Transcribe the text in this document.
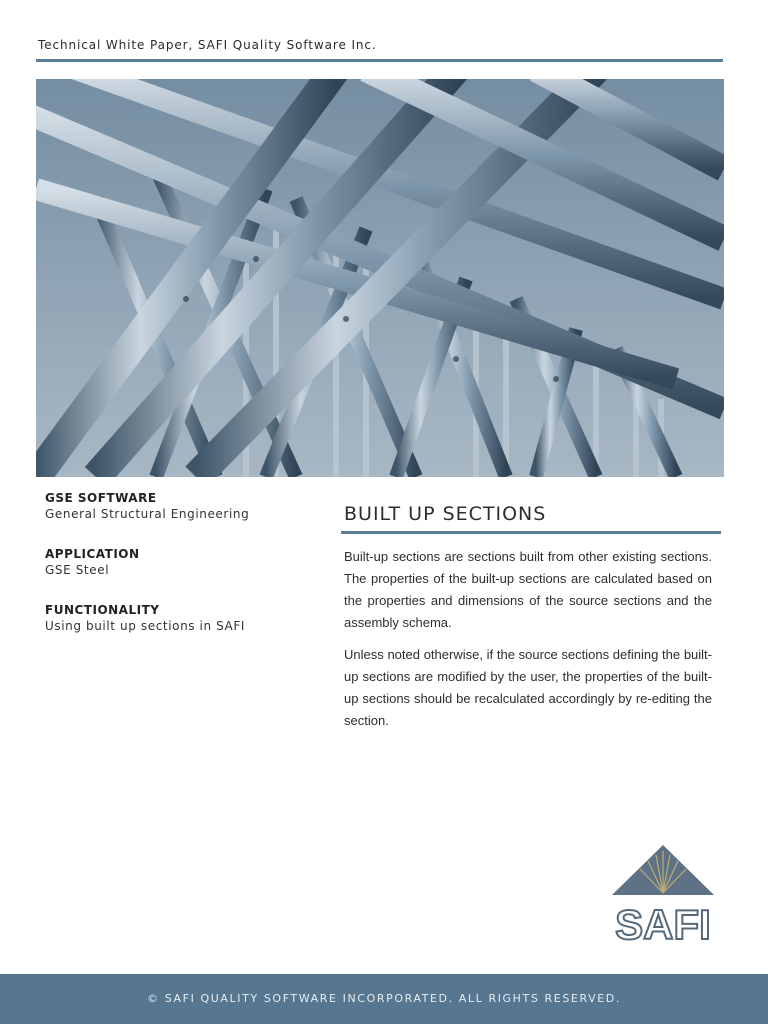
Technical White Paper, SAFI Quality Software Inc.
GSE SOFTWARE
General Structural Engineering
APPLICATION
GSE Steel
FUNCTIONALITY
Using built up sections in SAFI
BUILT UP SECTIONS

Built-up sections are sections built from other existing sections. The properties of the built-up sections are calculated based on the properties and dimensions of the source sections and the assembly schema.

Unless noted otherwise, if the source sections defining the built-up sections are modified by the user, the properties of the built-up sections should be recalculated accordingly by re-editing the section.

SAFI
© SAFI QUALITY SOFTWARE INCORPORATED. ALL RIGHTS RESERVED.
